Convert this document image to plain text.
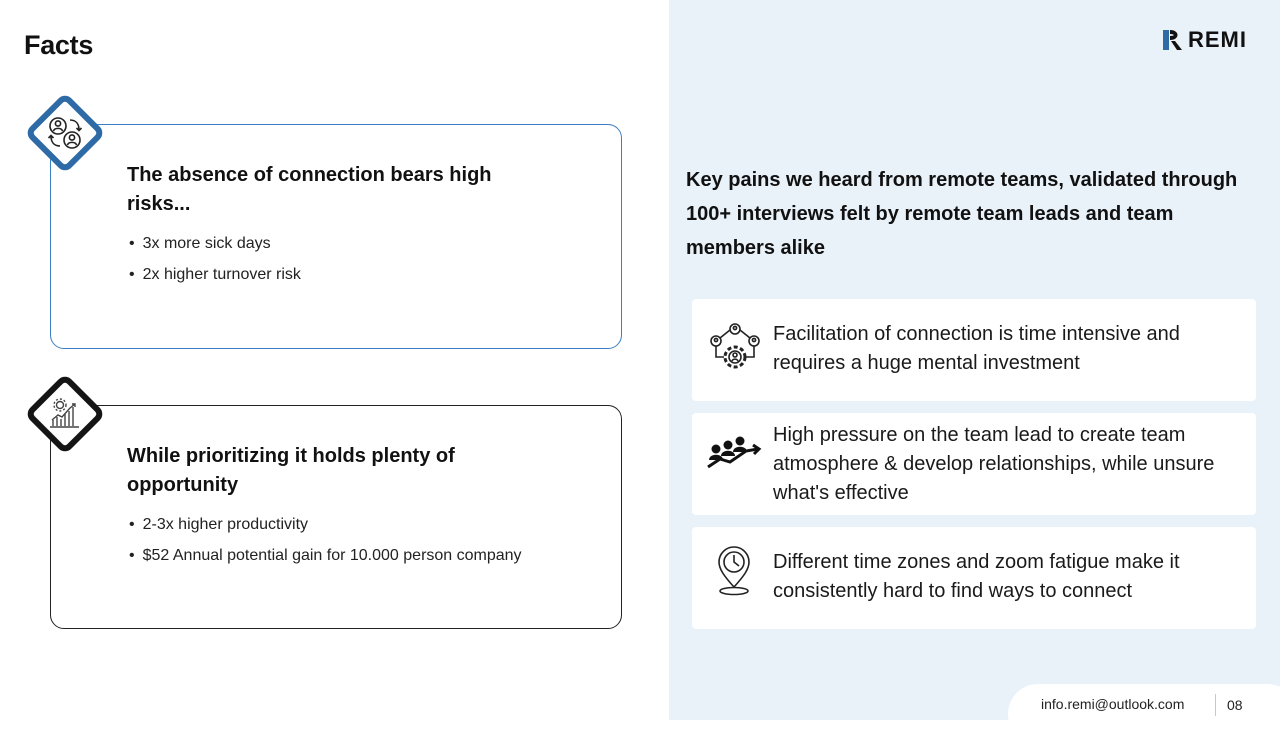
Facts	REMI
The absence of connection bears high risks...
• 3x more sick days
• 2x higher turnover risk
While prioritizing it holds plenty of opportunity
• 2-3x higher productivity
• $52 Annual potential gain for 10.000 person company

Key pains we heard from remote teams, validated through 100+ interviews felt by remote team leads and team members alike

Facilitation of connection is time intensive and requires a huge mental investment
High pressure on the team lead to create team atmosphere & develop relationships, while unsure what's effective
Different time zones and zoom fatigue make it consistently hard to find ways to connect
info.remi@outlook.com	08
